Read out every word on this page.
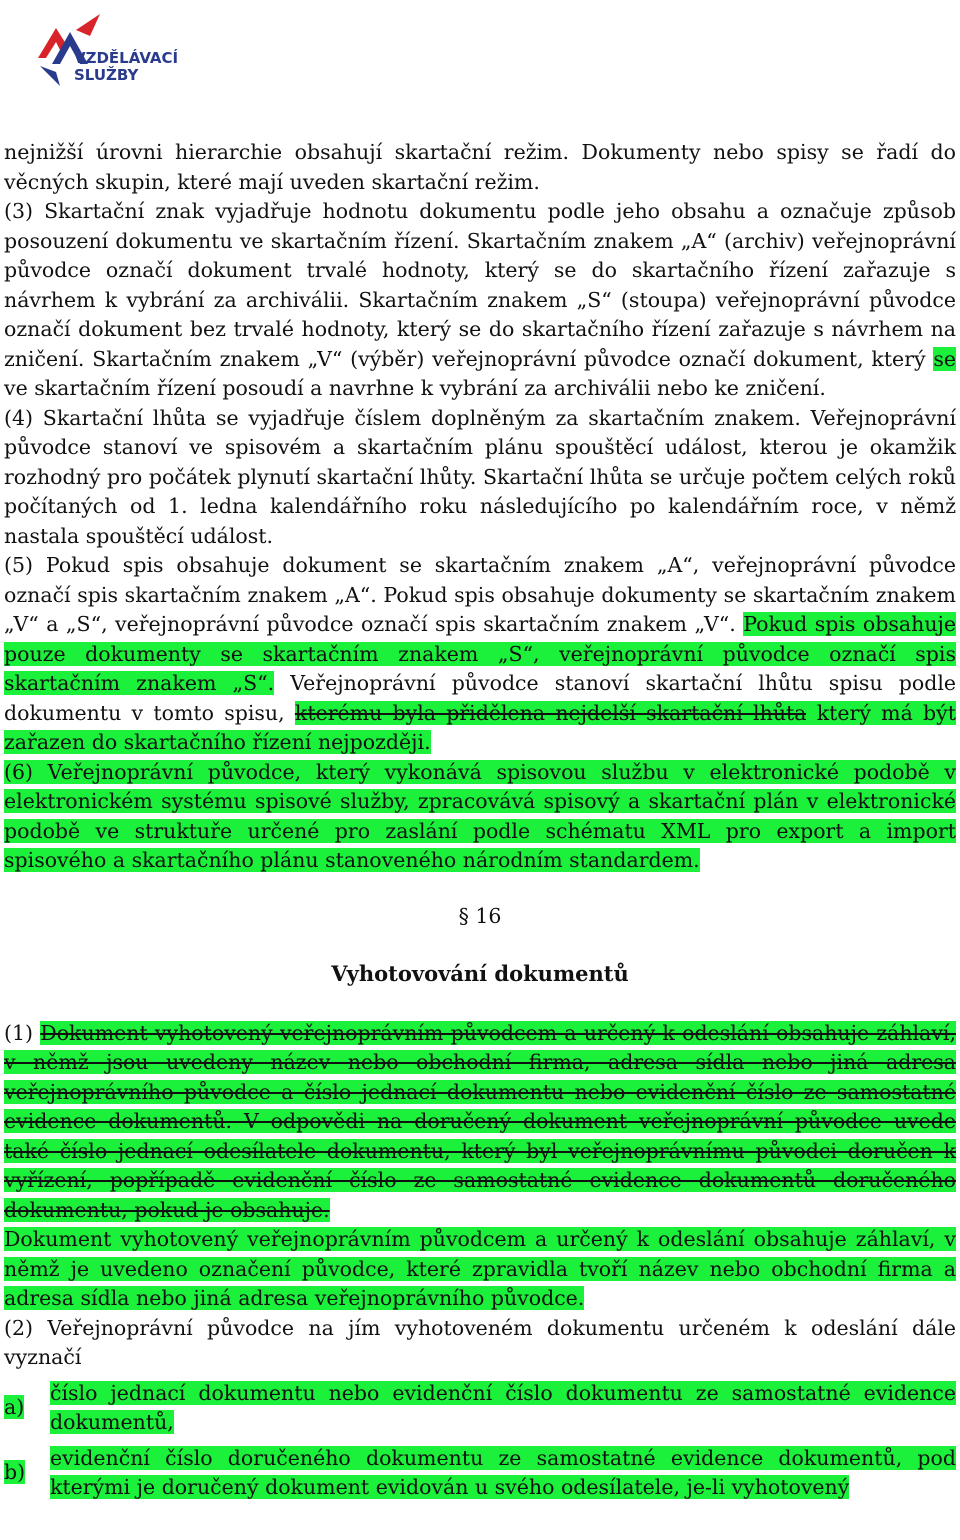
VZDĚLÁVACÍ
SLUŽBY

nejnižší úrovni hierarchie obsahují skartační režim. Dokumenty nebo spisy se řadí do věcných skupin, které mají uveden skartační režim.

(3) Skartační znak vyjadřuje hodnotu dokumentu podle jeho obsahu a označuje způsob posouzení dokumentu ve skartačním řízení. Skartačním znakem „A“ (archiv) veřejnoprávní původce označí dokument trvalé hodnoty, který se do skartačního řízení zařazuje s návrhem k vybrání za archiválii. Skartačním znakem „S“ (stoupa) veřejnoprávní původce označí dokument bez trvalé hodnoty, který se do skartačního řízení zařazuje s návrhem na zničení. Skartačním znakem „V“ (výběr) veřejnoprávní původce označí dokument, který se ve skartačním řízení posoudí a navrhne k vybrání za archiválii nebo ke zničení.

(4) Skartační lhůta se vyjadřuje číslem doplněným za skartačním znakem. Veřejnoprávní původce stanoví ve spisovém a skartačním plánu spouštěcí událost, kterou je okamžik rozhodný pro počátek plynutí skartační lhůty. Skartační lhůta se určuje počtem celých roků počítaných od 1. ledna kalendářního roku následujícího po kalendářním roce, v němž nastala spouštěcí událost.

(5) Pokud spis obsahuje dokument se skartačním znakem „A“, veřejnoprávní původce označí spis skartačním znakem „A“. Pokud spis obsahuje dokumenty se skartačním znakem „V“ a „S“, veřejnoprávní původce označí spis skartačním znakem „V“. Pokud spis obsahuje pouze dokumenty se skartačním znakem „S“, veřejnoprávní původce označí spis skartačním znakem „S“. Veřejnoprávní původce stanoví skartační lhůtu spisu podle dokumentu v tomto spisu, kterému byla přidělena nejdelší skartační lhůta který má být zařazen do skartačního řízení nejpozději.

(6) Veřejnoprávní původce, který vykonává spisovou službu v elektronické podobě v elektronickém systému spisové služby, zpracovává spisový a skartační plán v elektronické podobě ve struktuře určené pro zaslání podle schématu XML pro export a import spisového a skartačního plánu stanoveného národním standardem.

§ 16

Vyhotovování dokumentů

(1) Dokument vyhotovený veřejnoprávním původcem a určený k odeslání obsahuje záhlaví, v němž jsou uvedeny název nebo obchodní firma, adresa sídla nebo jiná adresa veřejnoprávního původce a číslo jednací dokumentu nebo evidenční číslo ze samostatné evidence dokumentů. V odpovědi na doručený dokument veřejnoprávní původce uvede také číslo jednací odesílatele dokumentu, který byl veřejnoprávnímu původci doručen k vyřízení, popřípadě evidenční číslo ze samostatné evidence dokumentů doručeného dokumentu, pokud je obsahuje.

Dokument vyhotovený veřejnoprávním původcem a určený k odeslání obsahuje záhlaví, v němž je uvedeno označení původce, které zpravidla tvoří název nebo obchodní firma a adresa sídla nebo jiná adresa veřejnoprávního původce.

(2) Veřejnoprávní původce na jím vyhotoveném dokumentu určeném k odeslání dále vyznačí

a)
číslo jednací dokumentu nebo evidenční číslo dokumentu ze samostatné evidence dokumentů,
b)
evidenční číslo doručeného dokumentu ze samostatné evidence dokumentů, pod kterými je doručený dokument evidován u svého odesílatele, je-li vyhotovený
